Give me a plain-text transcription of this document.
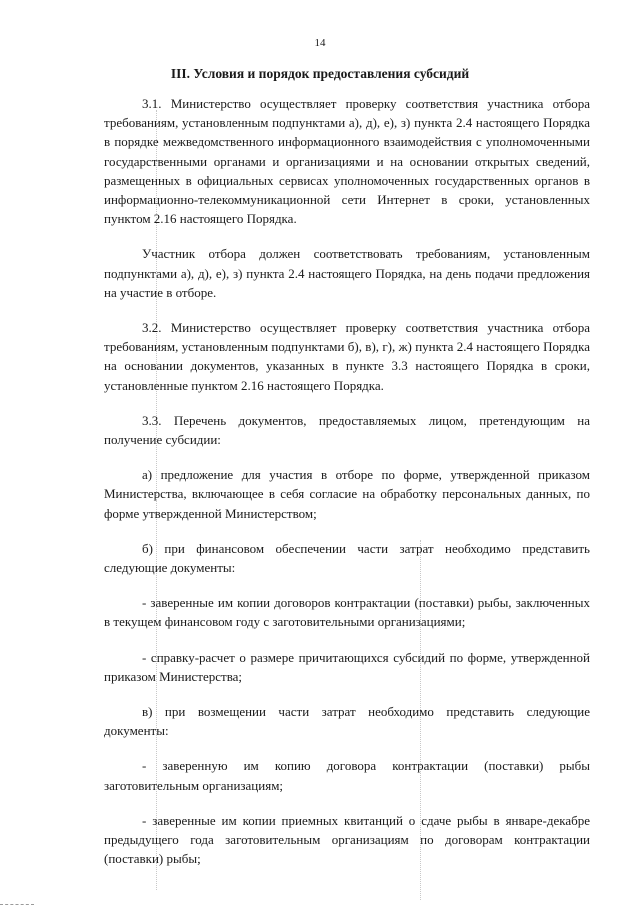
14
III. Условия и порядок предоставления субсидий

3.1. Министерство осуществляет проверку соответствия участника отбора требованиям, установленным подпунктами а), д), е), з) пункта 2.4 настоящего Порядка в порядке межведомственного информационного взаимодействия с уполномоченными государственными органами и организациями и на основании открытых сведений, размещенных в официальных сервисах уполномоченных государственных органов в информационно-телекоммуникационной сети Интернет в сроки, установленных пунктом 2.16 настоящего Порядка.

Участник отбора должен соответствовать требованиям, установленным подпунктами а), д), е), з) пункта 2.4 настоящего Порядка, на день подачи предложения на участие в отборе.

3.2. Министерство осуществляет проверку соответствия участника отбора требованиям, установленным подпунктами б), в), г), ж) пункта 2.4 настоящего Порядка на основании документов, указанных в пункте 3.3 настоящего Порядка в сроки, установленные пунктом 2.16 настоящего Порядка.

3.3. Перечень документов, предоставляемых лицом, претендующим на получение субсидии:

а) предложение для участия в отборе по форме, утвержденной приказом Министерства, включающее в себя согласие на обработку персональных данных, по форме утвержденной Министерством;

б) при финансовом обеспечении части затрат необходимо представить следующие документы:

- заверенные им копии договоров контрактации (поставки) рыбы, заключенных в текущем финансовом году с заготовительными организациями;

- справку-расчет о размере причитающихся субсидий по форме, утвержденной приказом Министерства;

в) при возмещении части затрат необходимо представить следующие документы:

- заверенную им копию договора контрактации (поставки) рыбы заготовительным организациям;

- заверенные им копии приемных квитанций о сдаче рыбы в январе-декабре предыдущего года заготовительным организациям по договорам контрактации (поставки) рыбы;
